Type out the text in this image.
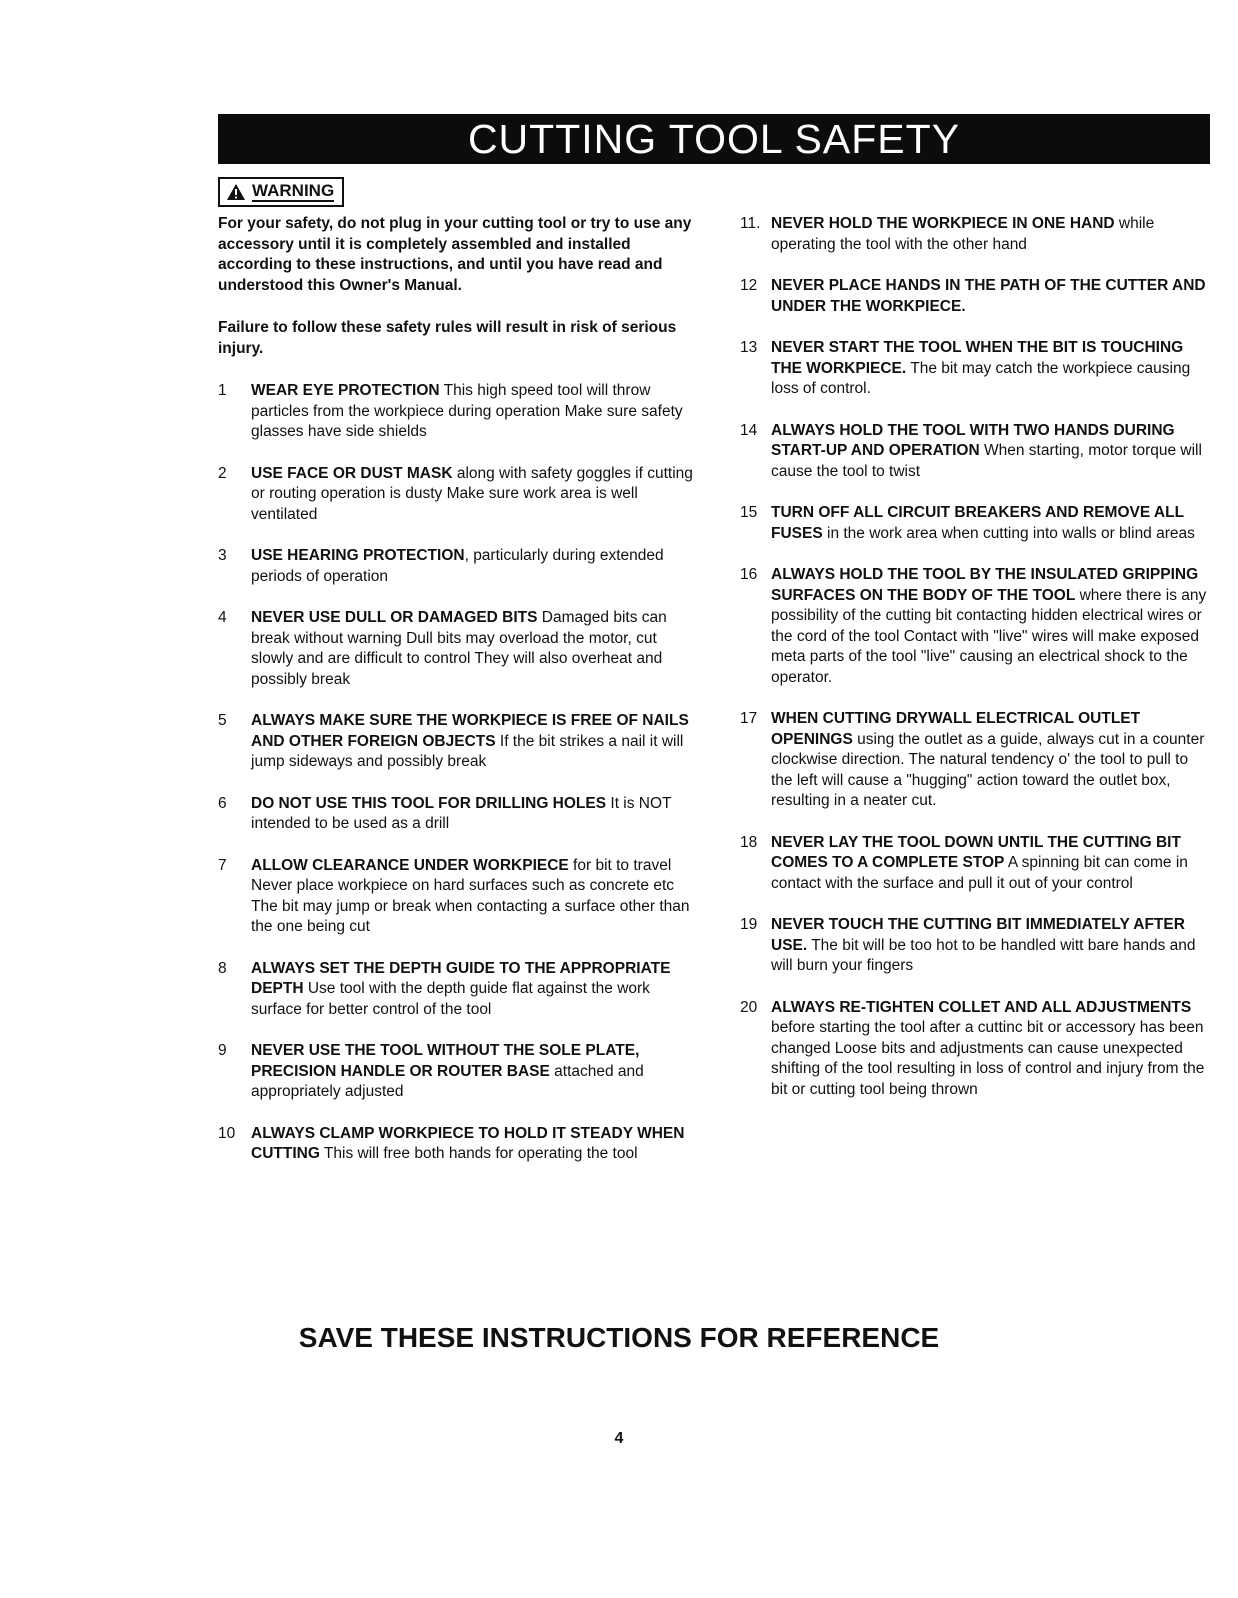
CUTTING TOOL SAFETY
WARNING

For your safety, do not plug in your cutting tool or try to use any accessory until it is completely assembled and installed according to these instructions, and until you have read and understood this Owner's Manual.

Failure to follow these safety rules will result in risk of serious injury.

1	WEAR EYE PROTECTION This high speed tool will throw particles from the workpiece during operation Make sure safety glasses have side shields
2	USE FACE OR DUST MASK along with safety goggles if cutting or routing operation is dusty Make sure work area is well ventilated
3	USE HEARING PROTECTION, particularly during extended periods of operation
4	NEVER USE DULL OR DAMAGED BITS Damaged bits can break without warning Dull bits may overload the motor, cut slowly and are difficult to control They will also overheat and possibly break
5	ALWAYS MAKE SURE THE WORKPIECE IS FREE OF NAILS AND OTHER FOREIGN OBJECTS If the bit strikes a nail it will jump sideways and possibly break
6	DO NOT USE THIS TOOL FOR DRILLING HOLES It is NOT intended to be used as a drill
7	ALLOW CLEARANCE UNDER WORKPIECE for bit to travel Never place workpiece on hard surfaces such as concrete etc The bit may jump or break when contacting a surface other than the one being cut
8	ALWAYS SET THE DEPTH GUIDE TO THE APPROPRIATE DEPTH Use tool with the depth guide flat against the work surface for better control of the tool
9	NEVER USE THE TOOL WITHOUT THE SOLE PLATE, PRECISION HANDLE OR ROUTER BASE attached and appropriately adjusted
10	ALWAYS CLAMP WORKPIECE TO HOLD IT STEADY WHEN CUTTING This will free both hands for operating the tool
11. NEVER HOLD THE WORKPIECE IN ONE HAND while operating the tool with the other hand
12 NEVER PLACE HANDS IN THE PATH OF THE CUTTER AND UNDER THE WORKPIECE.
13 NEVER START THE TOOL WHEN THE BIT IS TOUCHING THE WORKPIECE. The bit may catch the workpiece causing loss of control.
14 ALWAYS HOLD THE TOOL WITH TWO HANDS DURING START-UP AND OPERATION When starting, motor torque will cause the tool to twist
15 TURN OFF ALL CIRCUIT BREAKERS AND REMOVE ALL FUSES in the work area when cutting into walls or blind areas
16 ALWAYS HOLD THE TOOL BY THE INSULATED GRIPPING SURFACES ON THE BODY OF THE TOOL where there is any possibility of the cutting bit contacting hidden electrical wires or the cord of the tool Contact with "live" wires will make exposed meta parts of the tool "live" causing an electrical shock to the operator.
17 WHEN CUTTING DRYWALL ELECTRICAL OUTLET OPENINGS using the outlet as a guide, always cut in a counter clockwise direction. The natural tendency o' the tool to pull to the left will cause a "hugging" action toward the outlet box, resulting in a neater cut.
18 NEVER LAY THE TOOL DOWN UNTIL THE CUTTING BIT COMES TO A COMPLETE STOP A spinning bit can come in contact with the surface and pull it out of your control
19 NEVER TOUCH THE CUTTING BIT IMMEDIATELY AFTER USE. The bit will be too hot to be handled witt bare hands and will burn your fingers
20 ALWAYS RE-TIGHTEN COLLET AND ALL ADJUSTMENTS before starting the tool after a cuttinc bit or accessory has been changed Loose bits and adjustments can cause unexpected shifting of the tool resulting in loss of control and injury from the bit or cutting tool being thrown
SAVE THESE INSTRUCTIONS FOR REFERENCE
4
